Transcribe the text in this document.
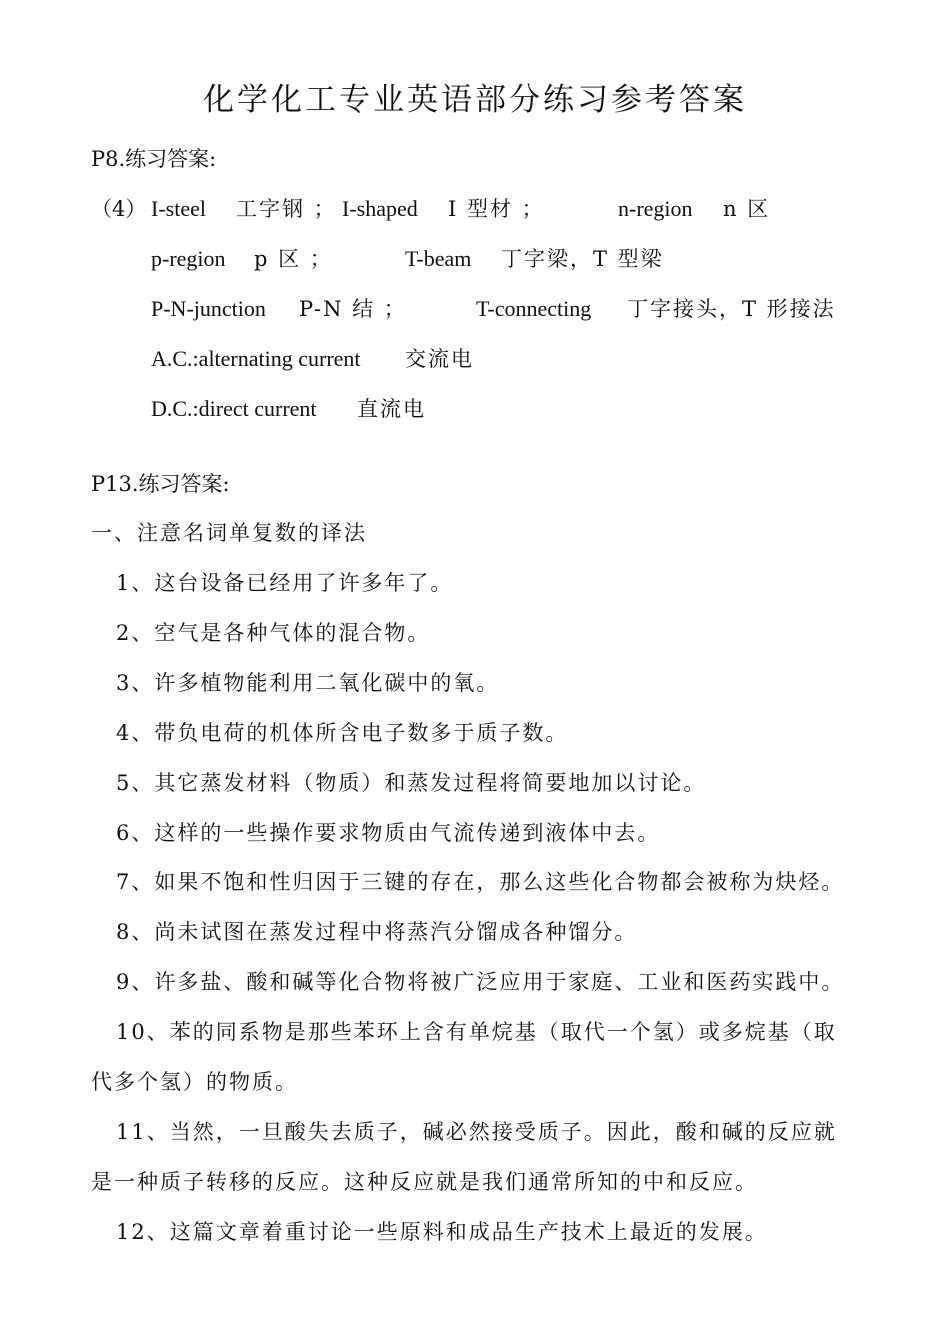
化学化工专业英语部分练习参考答案
P8.练习答案:
（4） I-steel 工字钢 ； I-shaped I 型材 ；	n-region n 区
p-region p 区 ；	T-beam 丁字梁，T 型梁
P-N-junction P-N 结 ；	T-connecting 丁字接头，T 形接法
A.C.:alternating current 交流电
D.C.:direct current 直流电
P13.练习答案:
一、注意名词单复数的译法
1、这台设备已经用了许多年了。
2、空气是各种气体的混合物。
3、许多植物能利用二氧化碳中的氧。
4、带负电荷的机体所含电子数多于质子数。
5、其它蒸发材料（物质）和蒸发过程将简要地加以讨论。
6、这样的一些操作要求物质由气流传递到液体中去。
7、如果不饱和性归因于三键的存在，那么这些化合物都会被称为炔烃。
8、尚未试图在蒸发过程中将蒸汽分馏成各种馏分。
9、许多盐、酸和碱等化合物将被广泛应用于家庭、工业和医药实践中。
10、苯的同系物是那些苯环上含有单烷基（取代一个氢）或多烷基（取
代多个氢）的物质。
11、当然，一旦酸失去质子，碱必然接受质子。因此，酸和碱的反应就
是一种质子转移的反应。这种反应就是我们通常所知的中和反应。
12、这篇文章着重讨论一些原料和成品生产技术上最近的发展。
